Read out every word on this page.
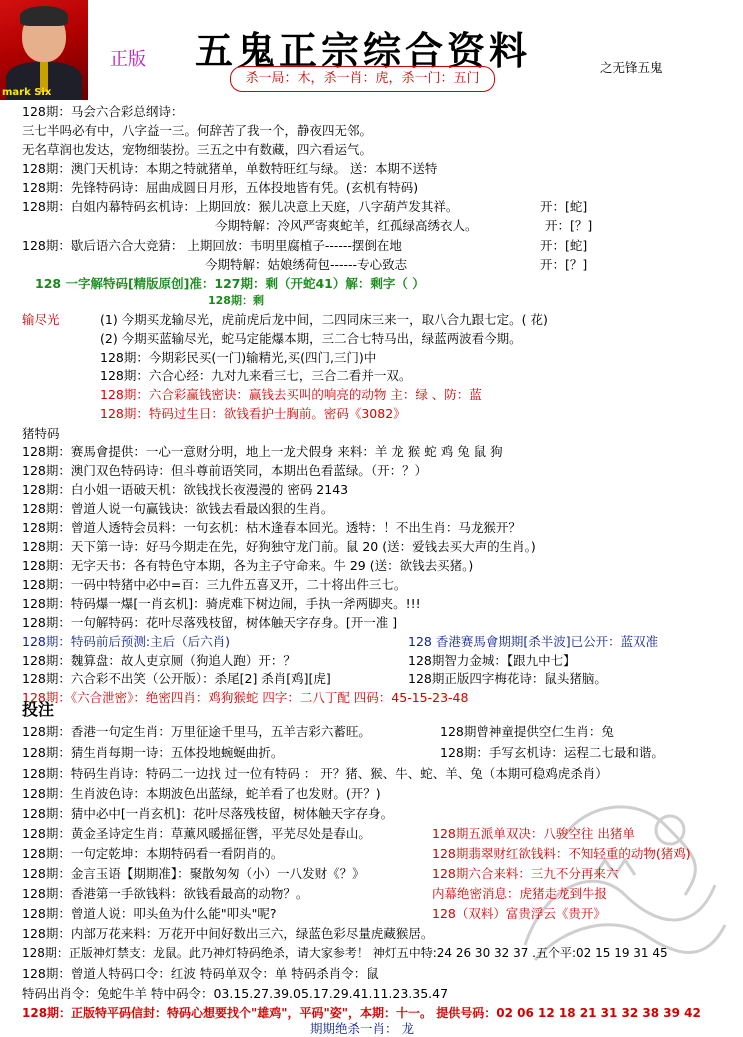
mark Six
正版 五鬼正宗综合资料
杀一局：木，杀一肖：虎，杀一门：五门
之无锋五鬼
128期：马会六合彩总纲诗：
三七半吗必有中，八字益一三。何辞苦了我一个，静夜四无邻。
无名草润也发达，宠物细装扮。三五之中有数藏，四六看运气。
128期：澳门天机诗：本期之特就猪单，单数特旺红与绿。 送：本期不送特
128期：先锋特码诗：屈曲成圆日月形，五体投地皆有凭。(玄机有特码)
128期：白姐内幕特码玄机诗：上期回放：猴儿决意上天庭，八字葫芦发其祥。	开：[蛇]
今期特解：冷风严寄爽蛇羊，红孤绿高绣衣人。	开：[？]
128期：歇后语六合大竞猜： 上期回放：韦明里腐植子------摆倒在地	开：[蛇]
今期特解：姑娘绣荷包------专心致志	开：[？]
128 一字解特码[精版原创]准：127期：剩（开蛇41）解：剩字（ ）
128期：剩
输尽光	(1) 今期买龙输尽光，虎前虎后龙中间，二四同床三来一，取八合九跟七定。( 花)
(2) 今期买蓝输尽光，蛇马定能爆本期，三二合七特马出，绿蓝两波看今期。
128期：今期彩民买(一门)输精光,买(四门,三门)中
128期：六合心经：九对九来看三七，三合二看并一双。
128期：六合彩赢钱密诀：赢钱去买叫的响亮的动物 主：绿 、防：蓝
128期：特码过生日：欲钱看护士胸前。密码《3082》
猪特码
128期：赛馬會提供：一心一意财分明，地上一龙犬假身 来料：羊 龙 猴 蛇 鸡 兔 鼠 狗
128期：澳门双色特码诗：但斗尊前语笑同，本期出色看蓝绿。（开：？）
128期：白小姐一语破天机：欲钱找长夜漫漫的 密码 2143
128期：曾道人说一句赢钱诀：欲钱去看最凶狠的生肖。
128期：曾道人透特会员料：一句玄机：枯木逢春本回光。透特：！不出生肖：马龙猴开？
128期：天下第一诗：好马今期走在先，好狗独守龙门前。鼠 20 (送：爱钱去买大声的生肖。)
128期：无字天书：各有特色守本期，各为主子守命来。牛 29 (送：欲钱去买猪。)
128期：一码中特猪中必中=百：三九件五喜叉开，二十将出件三七。
128期：特码爆一爆[一肖玄机]：骑虎难下树边闹，手执一斧两脚夹。!!!
128期：一句解特码：花叶尽落残枝留，树体触天字存身。[开一准 ]
128期：特码前后预测:主后（后六肖)	128 香港赛馬會期期[杀半波]已公开：蓝双准
128期：魏算盘：故人吏京厕（狗追人跑）开：？	128期智力金城：【跟九中七】
128期：六合彩不出笑（公开版）：杀尾[2] 杀肖[鸡][虎]	128期正版四字梅花诗：鼠头猪脑。
128期：《六合泄密》：绝密四肖：鸡狗猴蛇 四字：二八丁配 四码：45-15-23-48
投注
128期：香港一句定生肖：万里征途千里马，五羊吉彩六蓄旺。	128期曾神童提供空仁生肖：兔
128期：猜生肖每期一诗：五体投地蜿蜒曲折。	128期：手写玄机诗：运程二七最和谐。
128期：特码生肖诗：特码二一边找 过一位有特码 ： 开？猪、猴、牛、蛇、羊、兔（本期可稳鸡虎杀肖）
128期：生肖波色诗：本期波色出蓝绿，蛇羊看了也发财。(开？)
128期：猜中必中[一肖玄机]：花叶尽落残枝留，树体触天字存身。
128期：黄金圣诗定生肖：草薰风暖摇征辔，平芜尽处是春山。	128期五派单双决：八骏空往 出猪单
128期：一句定乾坤：本期特码看一看阴肖的。	128期翡翠财红欲钱料：不知轻重的动物(猪鸡)
128期：金言玉语【期期准】：聚散匆匆（小）一八发财《？》	128期六合来料：三九不分再来六
128期：香港第一手欲钱料：欲钱看最高的动物？。	内幕绝密消息：虎猪走龙到牛报
128期：曾道人说：叩头鱼为什么能"叩头"呢?	128（双料）富贵浮云《贵开》
128期：内部万花来料：万花开中间好数出三六，绿蓝色彩尽量虎藏猴居。
128期：正版神灯禁支：龙鼠。此乃神灯特码绝杀，请大家参考！ 神灯五中特:24 26 30 32 37 .五个平:02 15 19 31 45
128期：曾道人特码口令：红波 特码单双令：单 特码杀肖令：鼠
特码出肖令：兔蛇牛羊 特中码令：03.15.27.39.05.17.29.41.11.23.35.47
128期：正版特平码信封：特码心想要找个"雄鸡"，平码"姿"，本期：十一。 提供号码：02 06 12 18 21 31 32 38 39 42
期期绝杀一肖： 龙
